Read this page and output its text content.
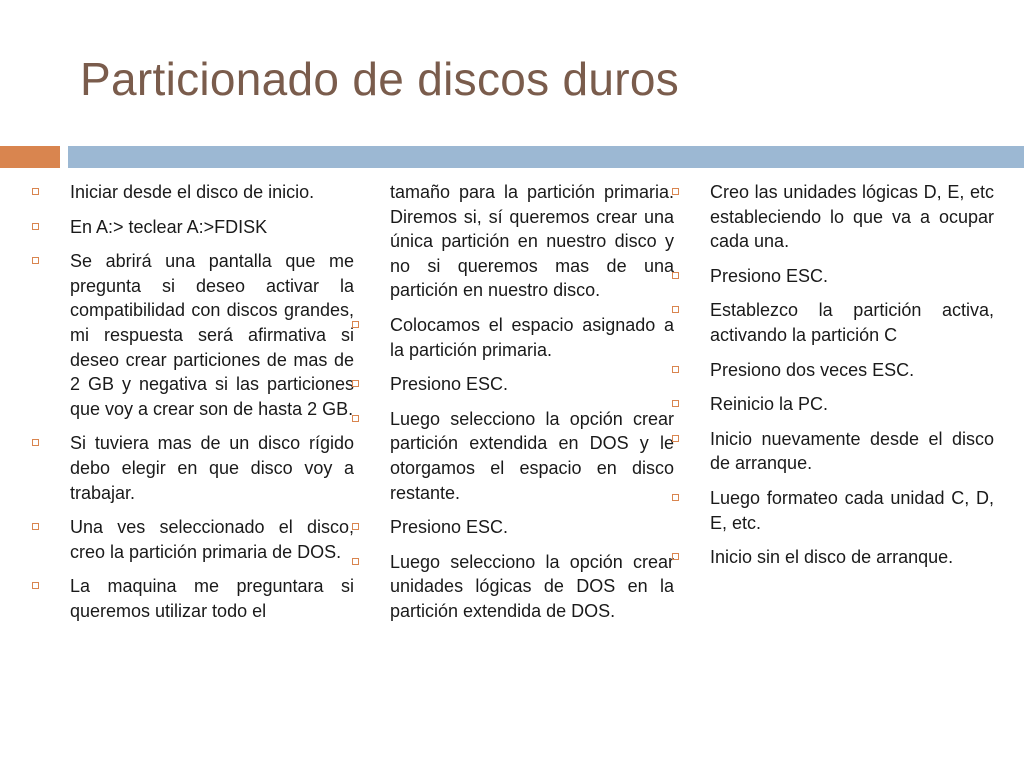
Particionado de discos duros
Iniciar desde el disco de inicio.
En A:> teclear A:>FDISK
Se abrirá una pantalla que me pregunta si deseo activar la compatibilidad con discos grandes, mi respuesta será afirmativa si deseo crear particiones de mas de 2 GB y negativa si las particiones que voy a crear son de hasta 2 GB.
Si tuviera mas de un disco rígido debo elegir en que disco voy a trabajar.
Una ves seleccionado el disco, creo la partición primaria de DOS.
La maquina me preguntara si queremos utilizar todo el
tamaño para la partición primaria. Diremos si, sí queremos crear una única partición en nuestro disco y no si queremos mas de una partición en nuestro disco.
Colocamos el espacio asignado a la partición primaria.
Presiono ESC.
Luego selecciono la opción crear partición extendida en DOS y le otorgamos el espacio en disco restante.
Presiono ESC.
Luego selecciono la opción crear unidades lógicas de DOS en la partición extendida de DOS.
Creo las unidades lógicas D, E, etc estableciendo lo que va a ocupar cada una.
Presiono ESC.
Establezco la partición activa, activando la partición C
Presiono dos veces ESC.
Reinicio la PC.
Inicio nuevamente desde el disco de arranque.
Luego formateo cada unidad C, D, E, etc.
Inicio sin el disco de arranque.
